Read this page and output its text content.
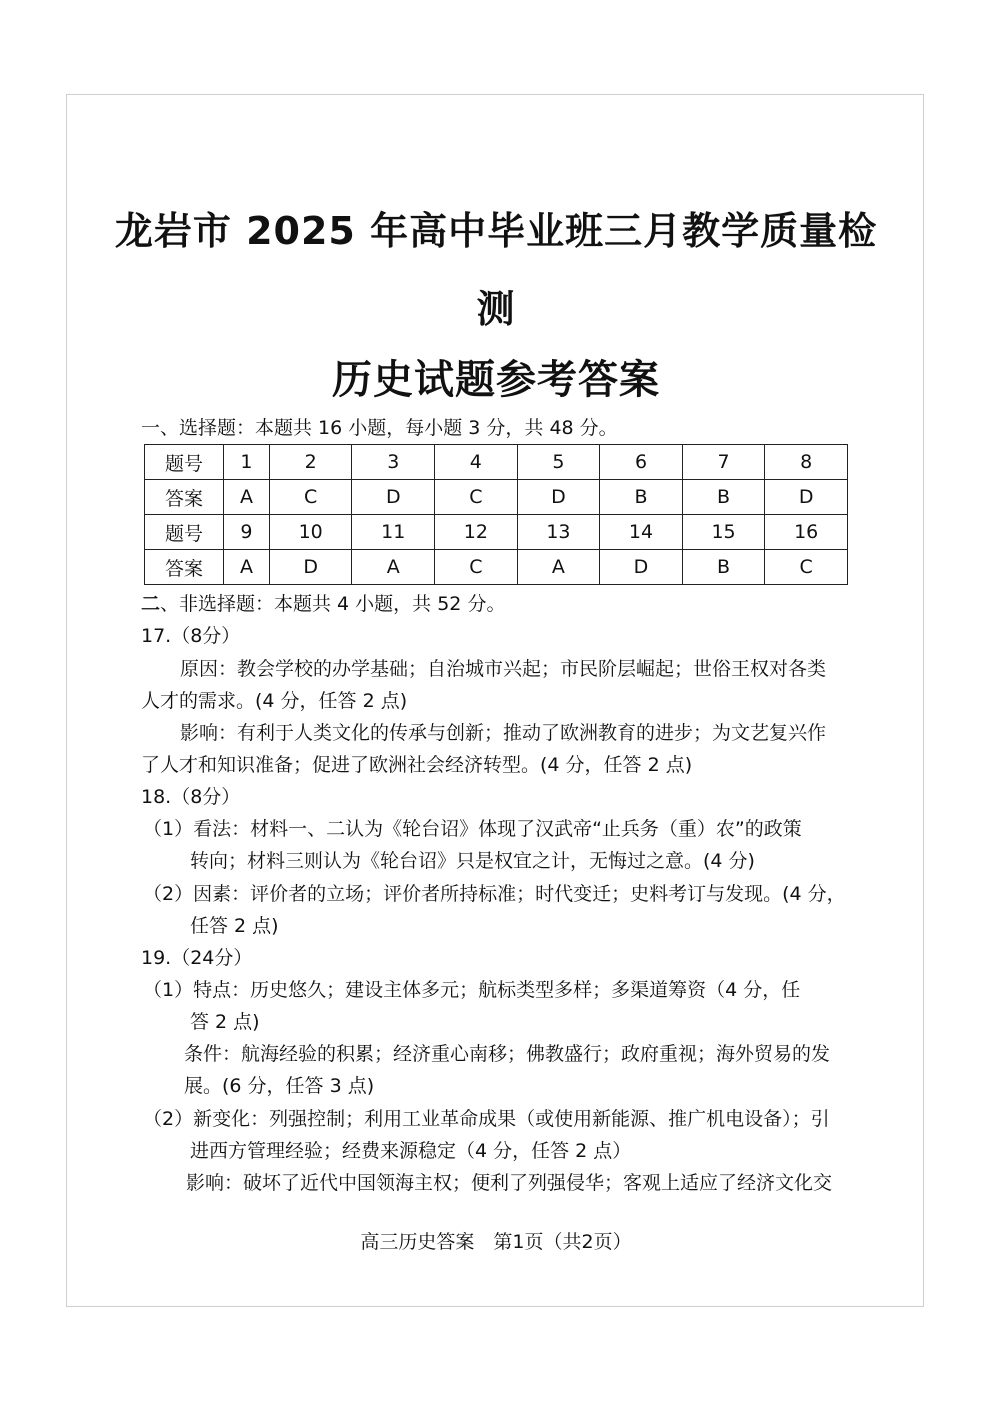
龙岩市 2025 年高中毕业班三月教学质量检
测
历史试题参考答案
一、选择题：本题共 16 小题，每小题 3 分，共 48 分。
题号	1	2	3	4	5	6	7	8
答案	A	C	D	C	D	B	B	D
题号	9	10	11	12	13	14	15	16
答案	A	D	A	C	A	D	B	C
二、非选择题：本题共 4 小题，共 52 分。
17.（8分）
原因：教会学校的办学基础；自治城市兴起；市民阶层崛起；世俗王权对各类
人才的需求。(4 分，任答 2 点)
影响：有利于人类文化的传承与创新；推动了欧洲教育的进步；为文艺复兴作
了人才和知识准备；促进了欧洲社会经济转型。(4 分，任答 2 点)
18.（8分）
（1）看法：材料一、二认为《轮台诏》体现了汉武帝“止兵务（重）农”的政策
转向；材料三则认为《轮台诏》只是权宜之计，无悔过之意。(4 分)
（2）因素：评价者的立场；评价者所持标准；时代变迁；史料考订与发现。(4 分，
任答 2 点)
19.（24分）
（1）特点：历史悠久；建设主体多元；航标类型多样；多渠道筹资（4 分，任
答 2 点)
条件：航海经验的积累；经济重心南移；佛教盛行；政府重视；海外贸易的发
展。(6 分，任答 3 点)
（2）新变化：列强控制；利用工业革命成果（或使用新能源、推广机电设备）；引
进西方管理经验；经费来源稳定（4 分，任答 2 点）
影响：破坏了近代中国领海主权；便利了列强侵华；客观上适应了经济文化交
高三历史答案　第1页（共2页）
